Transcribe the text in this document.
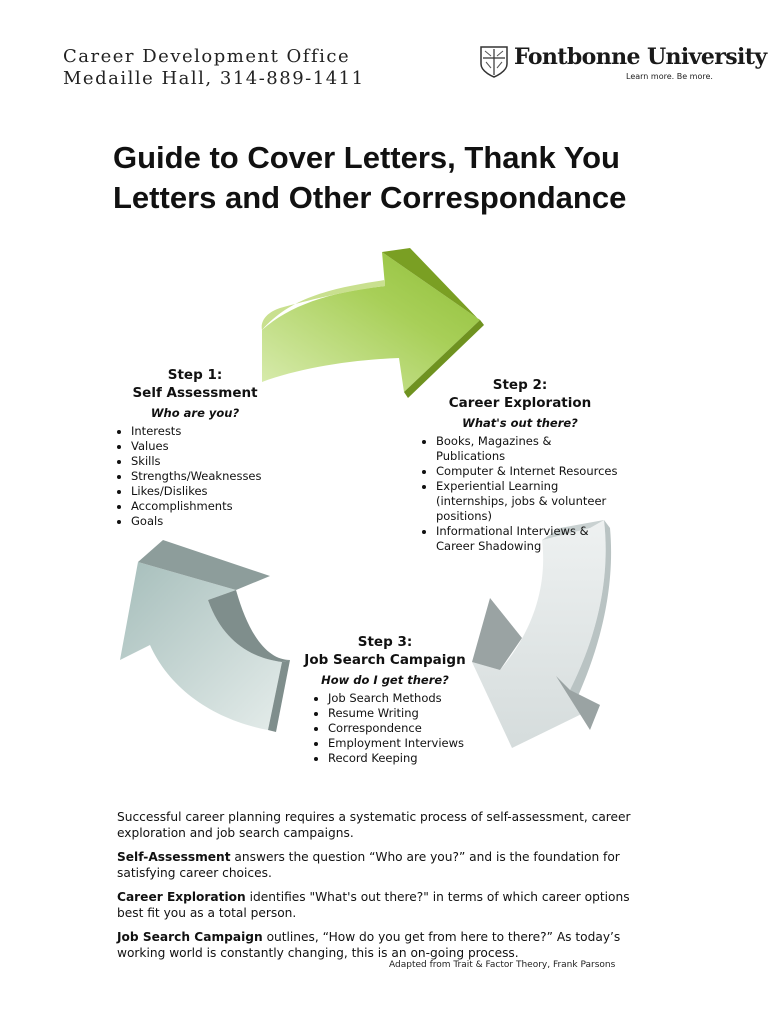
Career Development Office
Medaille Hall, 314-889-1411
Fontbonne University
Learn more. Be more.
Guide to Cover Letters, Thank You
Letters and Other Correspondance
Step 1:
Self Assessment
Who are you?
• Interests
• Values
• Skills
• Strengths/Weaknesses
• Likes/Dislikes
• Accomplishments
• Goals
Step 2:
Career Exploration
What's out there?
• Books, Magazines & Publications
• Computer & Internet Resources
• Experiential Learning (internships, jobs & volunteer positions)
• Informational Interviews & Career Shadowing
Step 3:
Job Search Campaign
How do I get there?
• Job Search Methods
• Resume Writing
• Correspondence
• Employment Interviews
• Record Keeping

Successful career planning requires a systematic process of self-assessment, career exploration and job search campaigns.

Self-Assessment answers the question “Who are you?” and is the foundation for satisfying career choices.

Career Exploration identifies "What's out there?" in terms of which career options best fit you as a total person.

Job Search Campaign outlines, “How do you get from here to there?” As today’s working world is constantly changing, this is an on-going process.

Adapted from Trait & Factor Theory, Frank Parsons
